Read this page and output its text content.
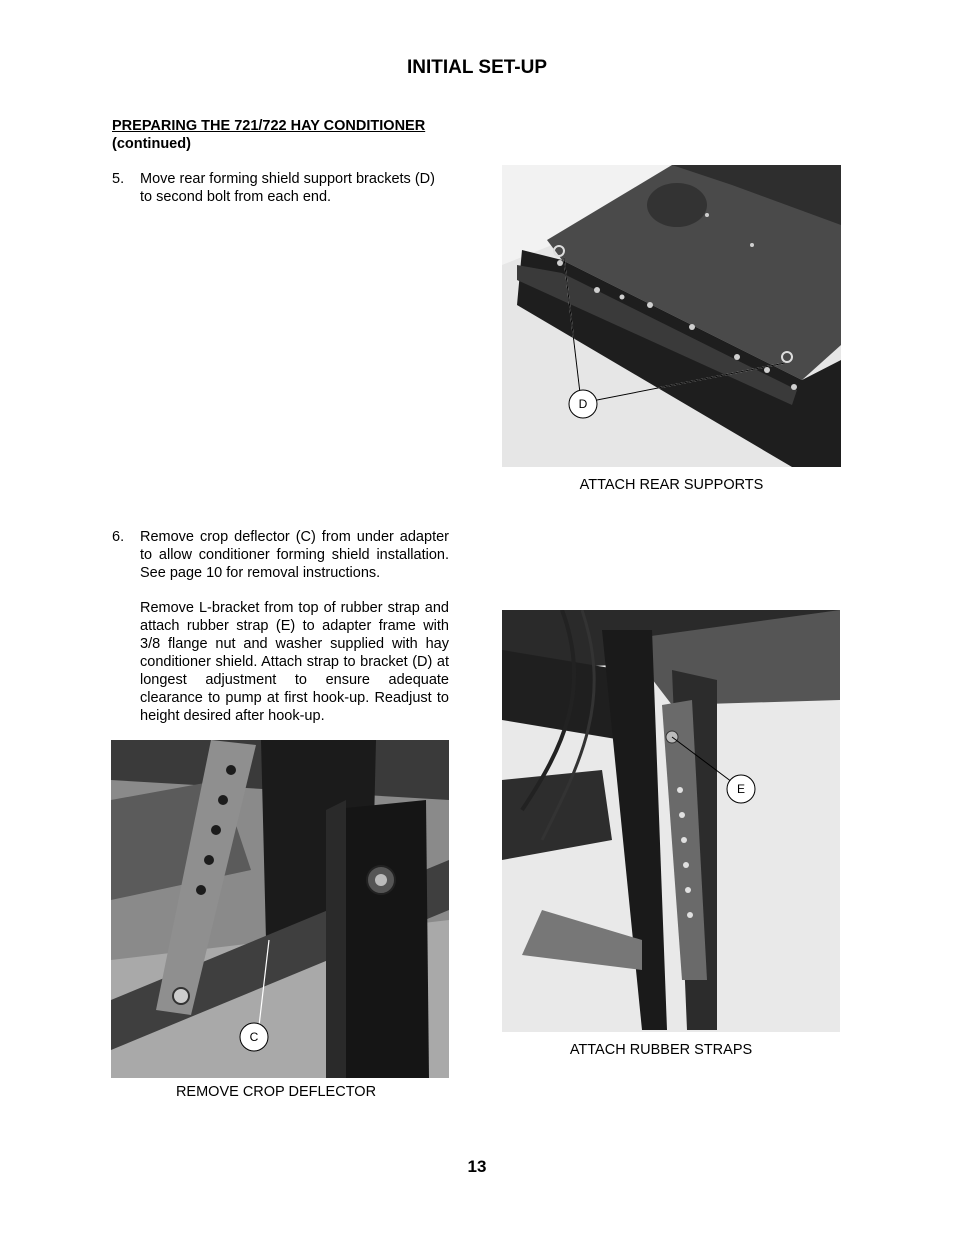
INITIAL SET-UP
PREPARING THE 721/722 HAY CONDITIONER
(continued)
5. Move rear forming shield support brackets (D) to second bolt from each end.
D
ATTACH REAR SUPPORTS
6. Remove crop deflector (C) from under adapter to allow conditioner forming shield installation. See page 10 for removal instructions.
Remove L-bracket from top of rubber strap and attach rubber strap (E) to adapter frame with 3/8 flange nut and washer supplied with hay conditioner shield. Attach strap to bracket (D) at longest adjustment to ensure adequate clearance to pump at first hook-up. Readjust to height desired after hook-up.
E
ATTACH RUBBER STRAPS
C
REMOVE CROP DEFLECTOR
13
